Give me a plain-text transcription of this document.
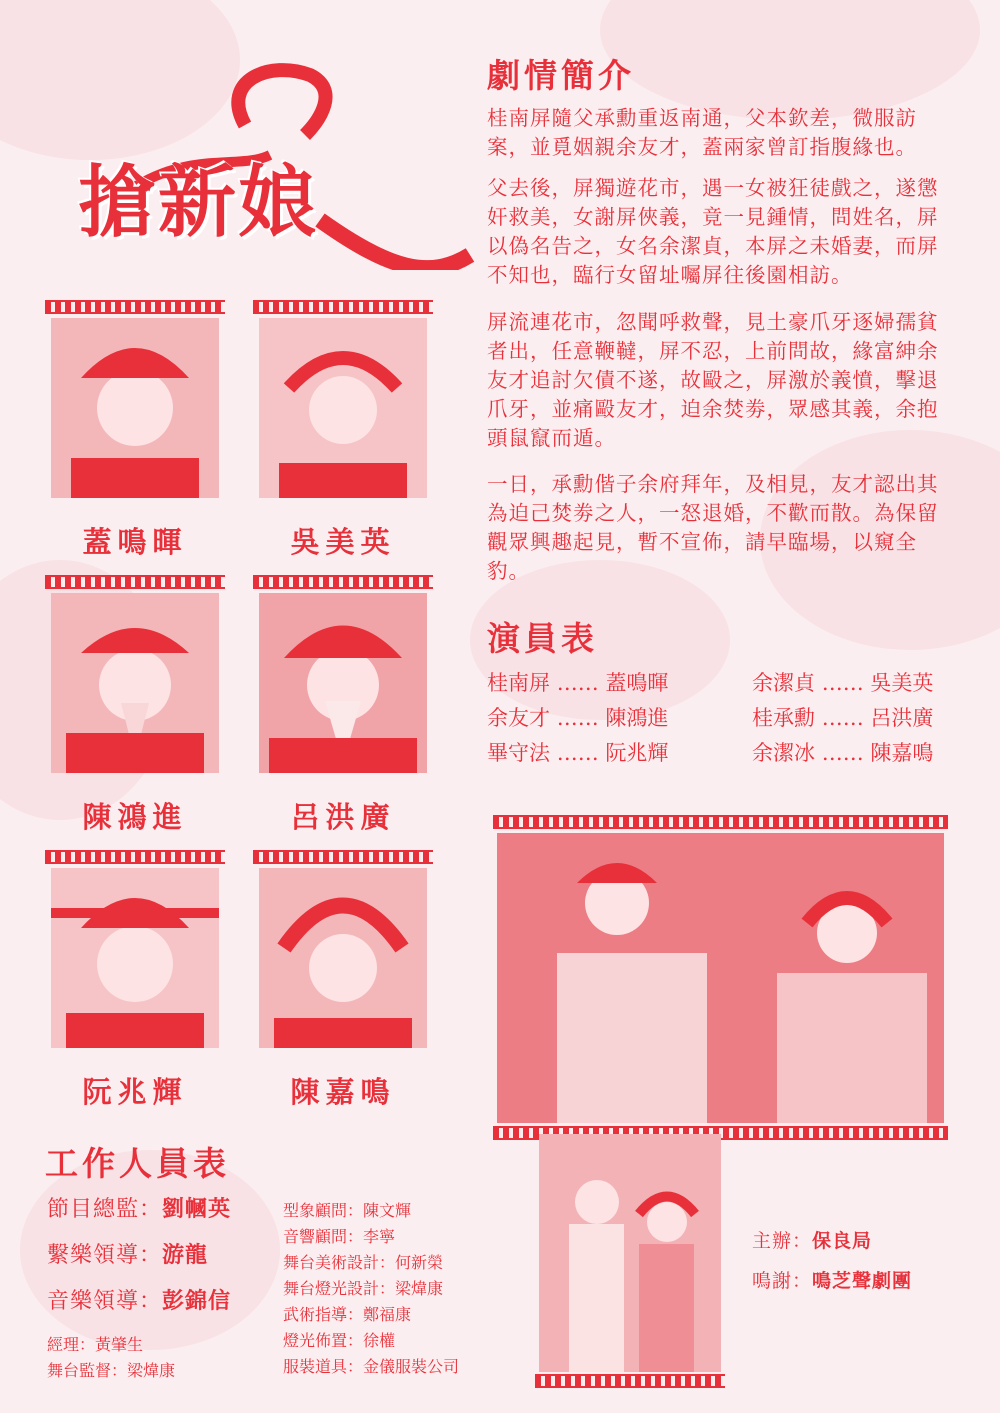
搶新娘
蓋鳴暉	吳美英
陳鴻進	呂洪廣
阮兆輝	陳嘉鳴
劇情簡介
桂南屏隨父承勳重返南通，父本欽差，微服訪案，並覓姻親余友才，蓋兩家曾訂指腹緣也。
父去後，屏獨遊花市，遇一女被狂徒戲之，遂懲奸救美，女謝屏俠義，竟一見鍾情，問姓名，屏以偽名告之，女名余潔貞，本屏之未婚妻，而屏不知也，臨行女留址囑屏往後園相訪。
屏流連花市，忽聞呼救聲，見土豪爪牙逐婦孺貧者出，任意鞭韃，屏不忍，上前問故，緣富紳余友才追討欠債不遂，故毆之，屏激於義憤，擊退爪牙，並痛毆友才，迫余焚劵，眾感其義，余抱頭鼠竄而遁。
一日，承勳偕子余府拜年，及相見，友才認出其為迫己焚劵之人，一怒退婚，不歡而散。為保留觀眾興趣起見，暫不宣佈，請早臨場，以窺全豹。
演員表
桂南屏 …… 蓋鳴暉	余潔貞 …… 吳美英
余友才 …… 陳鴻進	桂承勳 …… 呂洪廣
畢守法 …… 阮兆輝	余潔冰 …… 陳嘉鳴
工作人員表
節目總監：劉幗英
繫樂領導：游龍
音樂領導：彭錦信
經理：黃肇生
舞台監督：梁煒康
型象顧問：陳文輝
音響顧問：李寧
舞台美術設計：何新榮
舞台燈光設計：梁煒康
武術指導：鄭福康
燈光佈置：徐權
服裝道具：金儀服裝公司
主辦：保良局
鳴謝：鳴芝聲劇團
